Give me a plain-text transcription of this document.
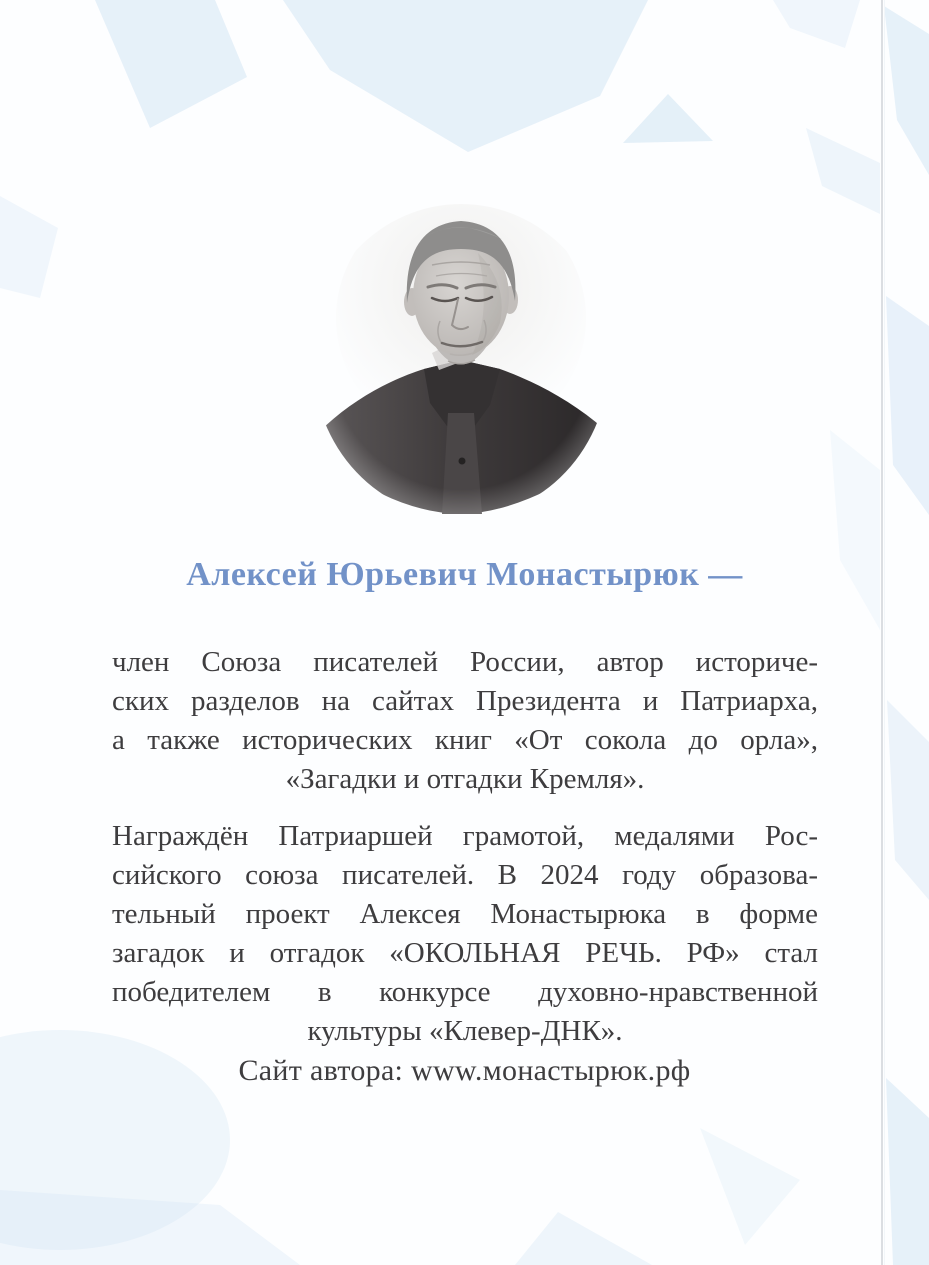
Алексей Юрьевич Монастырюк —
член Союза писателей России, автор историче-
ских разделов на сайтах Президента и Патриарха,
а также исторических книг «От сокола до орла»,
«Загадки и отгадки Кремля».
Награждён Патриаршей грамотой, медалями Рос-
сийского союза писателей. В 2024 году образова-
тельный проект Алексея Монастырюка в форме
загадок и отгадок «ОКОЛЬНАЯ РЕЧЬ. РФ» стал
победителем в конкурсе духовно-нравственной
культуры «Клевер-ДНК».
Сайт автора: www.монастырюк.рф
